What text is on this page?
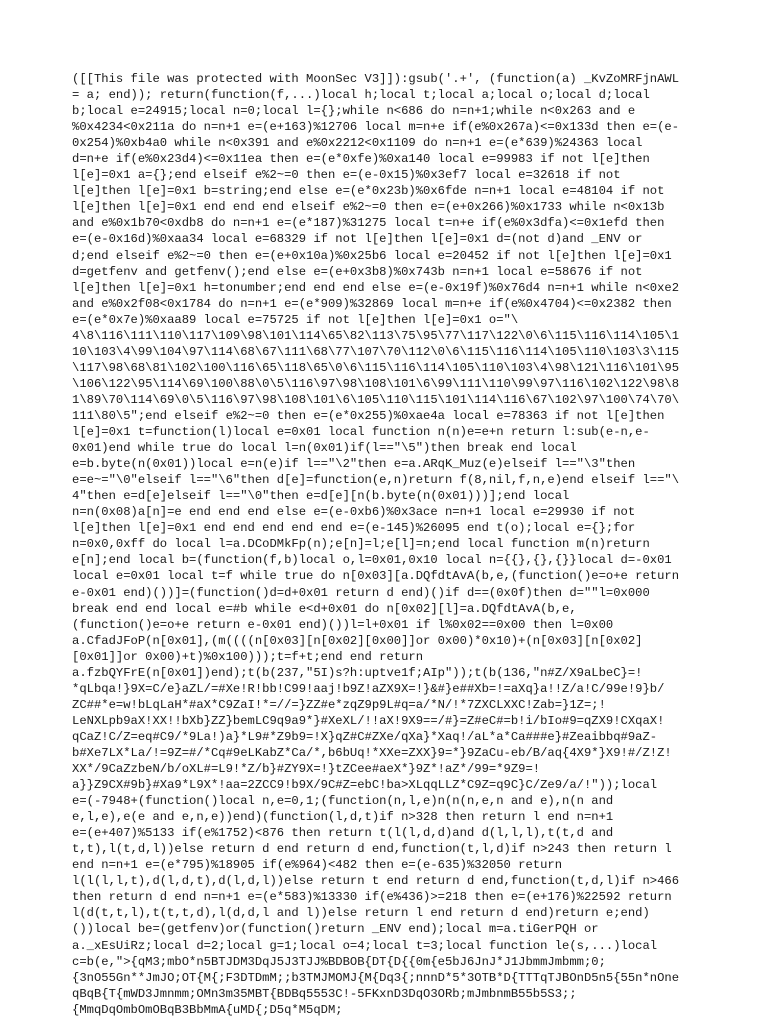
([[This file was protected with MoonSec V3]]):gsub('.+', (function(a) _KvZoMRFjnAWL
= a; end)); return(function(f,...)local h;local t;local a;local o;local d;local
b;local e=24915;local n=0;local l={};while n<686 do n=n+1;while n<0x263 and e
%0x4234<0x211a do n=n+1 e=(e+163)%12706 local m=n+e if(e%0x267a)<=0x133d then e=(e-
0x254)%0xb4a0 while n<0x391 and e%0x2212<0x1109 do n=n+1 e=(e*639)%24363 local
d=n+e if(e%0x23d4)<=0x11ea then e=(e*0xfe)%0xa140 local e=99983 if not l[e]then
l[e]=0x1 a={};end elseif e%2~=0 then e=(e-0x15)%0x3ef7 local e=32618 if not
l[e]then l[e]=0x1 b=string;end else e=(e*0x23b)%0x6fde n=n+1 local e=48104 if not
l[e]then l[e]=0x1 end end end elseif e%2~=0 then e=(e+0x266)%0x1733 while n<0x13b
and e%0x1b70<0xdb8 do n=n+1 e=(e*187)%31275 local t=n+e if(e%0x3dfa)<=0x1efd then
e=(e-0x16d)%0xaa34 local e=68329 if not l[e]then l[e]=0x1 d=(not d)and _ENV or
d;end elseif e%2~=0 then e=(e+0x10a)%0x25b6 local e=20452 if not l[e]then l[e]=0x1
d=getfenv and getfenv();end else e=(e+0x3b8)%0x743b n=n+1 local e=58676 if not
l[e]then l[e]=0x1 h=tonumber;end end end else e=(e-0x19f)%0x76d4 n=n+1 while n<0xe2
and e%0x2f08<0x1784 do n=n+1 e=(e*909)%32869 local m=n+e if(e%0x4704)<=0x2382 then
e=(e*0x7e)%0xaa89 local e=75725 if not l[e]then l[e]=0x1 o="\
4\8\116\111\110\117\109\98\101\114\65\82\113\75\95\77\117\122\0\6\115\116\114\105\1
10\103\4\99\104\97\114\68\67\111\68\77\107\70\112\0\6\115\116\114\105\110\103\3\115
\117\98\68\81\102\100\116\65\118\65\0\6\115\116\114\105\110\103\4\98\121\116\101\95
\106\122\95\114\69\100\88\0\5\116\97\98\108\101\6\99\111\110\99\97\116\102\122\98\8
1\89\70\114\69\0\5\116\97\98\108\101\6\105\110\115\101\114\116\67\102\97\100\74\70\
111\80\5";end elseif e%2~=0 then e=(e*0x255)%0xae4a local e=78363 if not l[e]then
l[e]=0x1 t=function(l)local e=0x01 local function n(n)e=e+n return l:sub(e-n,e-
0x01)end while true do local l=n(0x01)if(l=="\5")then break end local
e=b.byte(n(0x01))local e=n(e)if l=="\2"then e=a.ARqK_Muz(e)elseif l=="\3"then
e=e~="\0"elseif l=="\6"then d[e]=function(e,n)return f(8,nil,f,n,e)end elseif l=="\
4"then e=d[e]elseif l=="\0"then e=d[e][n(b.byte(n(0x01)))];end local
n=n(0x08)a[n]=e end end end else e=(e-0xb6)%0x3ace n=n+1 local e=29930 if not
l[e]then l[e]=0x1 end end end end end e=(e-145)%26095 end t(o);local e={};for
n=0x0,0xff do local l=a.DCoDMkFp(n);e[n]=l;e[l]=n;end local function m(n)return
e[n];end local b=(function(f,b)local o,l=0x01,0x10 local n={{},{},{}}local d=-0x01
local e=0x01 local t=f while true do n[0x03][a.DQfdtAvA(b,e,(function()e=o+e return
e-0x01 end)())]=(function()d=d+0x01 return d end)()if d==(0x0f)then d=""l=0x000
break end end local e=#b while e<d+0x01 do n[0x02][l]=a.DQfdtAvA(b,e,
(function()e=o+e return e-0x01 end)())l=l+0x01 if l%0x02==0x00 then l=0x00
a.CfadJFoP(n[0x01],(m((((n[0x03][n[0x02][0x00]]or 0x00)*0x10)+(n[0x03][n[0x02]
[0x01]]or 0x00)+t)%0x100)));t=f+t;end end return
a.fzbQYFrE(n[0x01])end);t(b(237,"5I)s?h:uptve1f;AIp"));t(b(136,"n#Z/X9aLbeC}=!
*qLbqa!}9X=C/e}aZL/=#Xe!R!bb!C99!aaj!b9Z!aZX9X=!}&#}e##Xb=!=aXq}a!!Z/a!C/99e!9}b/
ZC##*e=w!bLqLaH*#aX*C9ZaI!*=//=}ZZ#e*zqZ9p9L#q=a/*N/!*7ZXCLXXC!Zab=}1Z=;!
LeNXLpb9aX!XX!!bXb}ZZ}bemLC9q9a9*}#XeXL/!!aX!9X9==/#}=Z#eC#=b!i/bIo#9=qZX9!CXqaX!
qCaZ!C/Z=eq#C9/*9La!)a}*L9#*Z9b9=!X}qZ#C#ZXe/qXa}*Xaq!/aL*a*Ca###e}#Zeaibbq#9aZ-
b#Xe7LX*La/!=9Z=#/*Cq#9eLKabZ*Ca/*,b6bUq!*XXe=ZXX}9=*}9ZaCu-eb/B/aq{4X9*}X9!#/Z!Z!
XX*/9CaZzbeN/b/oXL#=L9!*Z/b}#ZY9X=!}tZCee#aeX*}9Z*!aZ*/99=*9Z9=!
a}}Z9CX#9b}#Xa9*L9X*!aa=2ZCC9!b9X/9C#Z=ebC!ba>XLqqLLZ*C9Z=q9C}C/Ze9/a/!"));local
e=(-7948+(function()local n,e=0,1;(function(n,l,e)n(n(n,e,n and e),n(n and
e,l,e),e(e and e,n,e))end)(function(l,d,t)if n>328 then return l end n=n+1
e=(e+407)%5133 if(e%1752)<876 then return t(l(l,d,d)and d(l,l,l),t(t,d and
t,t),l(t,d,l))else return d end return d end,function(t,l,d)if n>243 then return l
end n=n+1 e=(e*795)%18905 if(e%964)<482 then e=(e-635)%32050 return
l(l(l,l,t),d(l,d,t),d(l,d,l))else return t end return d end,function(t,d,l)if n>466
then return d end n=n+1 e=(e*583)%13330 if(e%436)>=218 then e=(e+176)%22592 return
l(d(t,t,l),t(t,t,d),l(d,d,l and l))else return l end return d end)return e;end)
())local be=(getfenv)or(function()return _ENV end);local m=a.tiGerPQH or
a._xEsUiRz;local d=2;local g=1;local o=4;local t=3;local function le(s,...)local
c=b(e,">{qM3;mbO*n5BTJDM3DqJ5J3TJJ%BDBOB{DT{D{{0m{e5bJ6JnJ*J1JbmmJmbmm;0;
{3nO55Gn**JmJO;OT{M{;F3DTDmM;;b3TMJMOMJ{M{Dq3{;nnnD*5*3OTB*D{TTTqTJBOnD5n5{55n*nOne
qBqB{T{mWD3Jmnmm;OMn3m35MBT{BDBq5553C!-5FKxnD3DqO3ORb;mJmbnmB55b5S3;;
{MmqDqOmbOmOBqB3BbMmA{uMD{;D5q*M5qDM;
